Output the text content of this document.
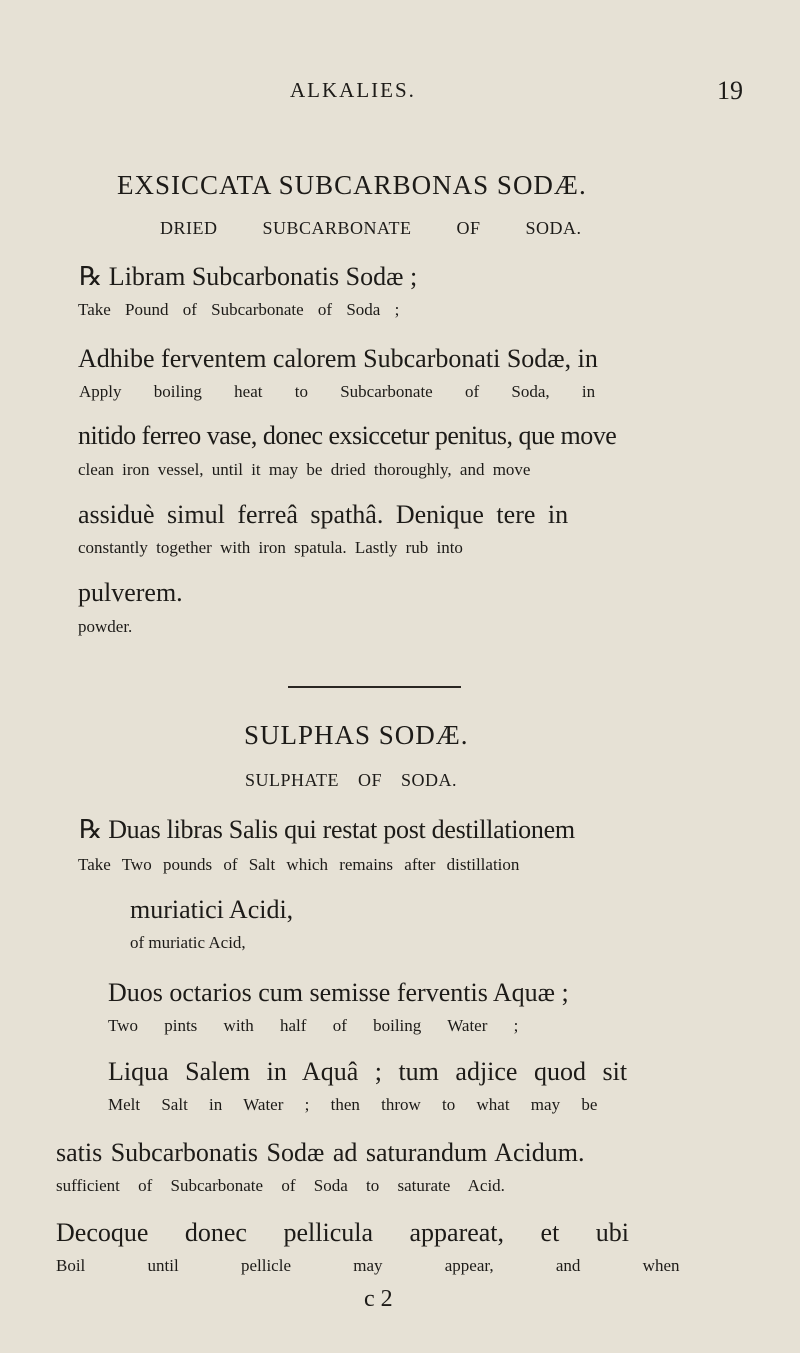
ALKALIES.	19
EXSICCATA SUBCARBONAS SODÆ.
DRIED SUBCARBONATE OF SODA.
℞ Libram Subcarbonatis Sodæ ;
Take Pound of Subcarbonate of Soda ;
Adhibe ferventem calorem Subcarbonati Sodæ, in
Apply boiling heat to Subcarbonate of Soda, in
nitido ferreo vase, donec exsiccetur penitus, que move
clean iron vessel, until it may be dried thoroughly, and move
assiduè simul ferreâ spathâ. Denique tere in
constantly together with iron spatula. Lastly rub into
pulverem.
powder.
SULPHAS SODÆ.
SULPHATE OF SODA.
℞ Duas libras Salis qui restat post destillationem
Take Two pounds of Salt which remains after distillation
muriatici Acidi,
of muriatic Acid,
Duos octarios cum semisse ferventis Aquæ ;
Two pints with half of boiling Water ;
Liqua Salem in Aquâ ; tum adjice quod sit
Melt Salt in Water ; then throw to what may be
satis Subcarbonatis Sodæ ad saturandum Acidum.
sufficient of Subcarbonate of Soda to saturate Acid.
Decoque donec pellicula appareat, et ubi
Boil until pellicle may appear, and when
c 2
